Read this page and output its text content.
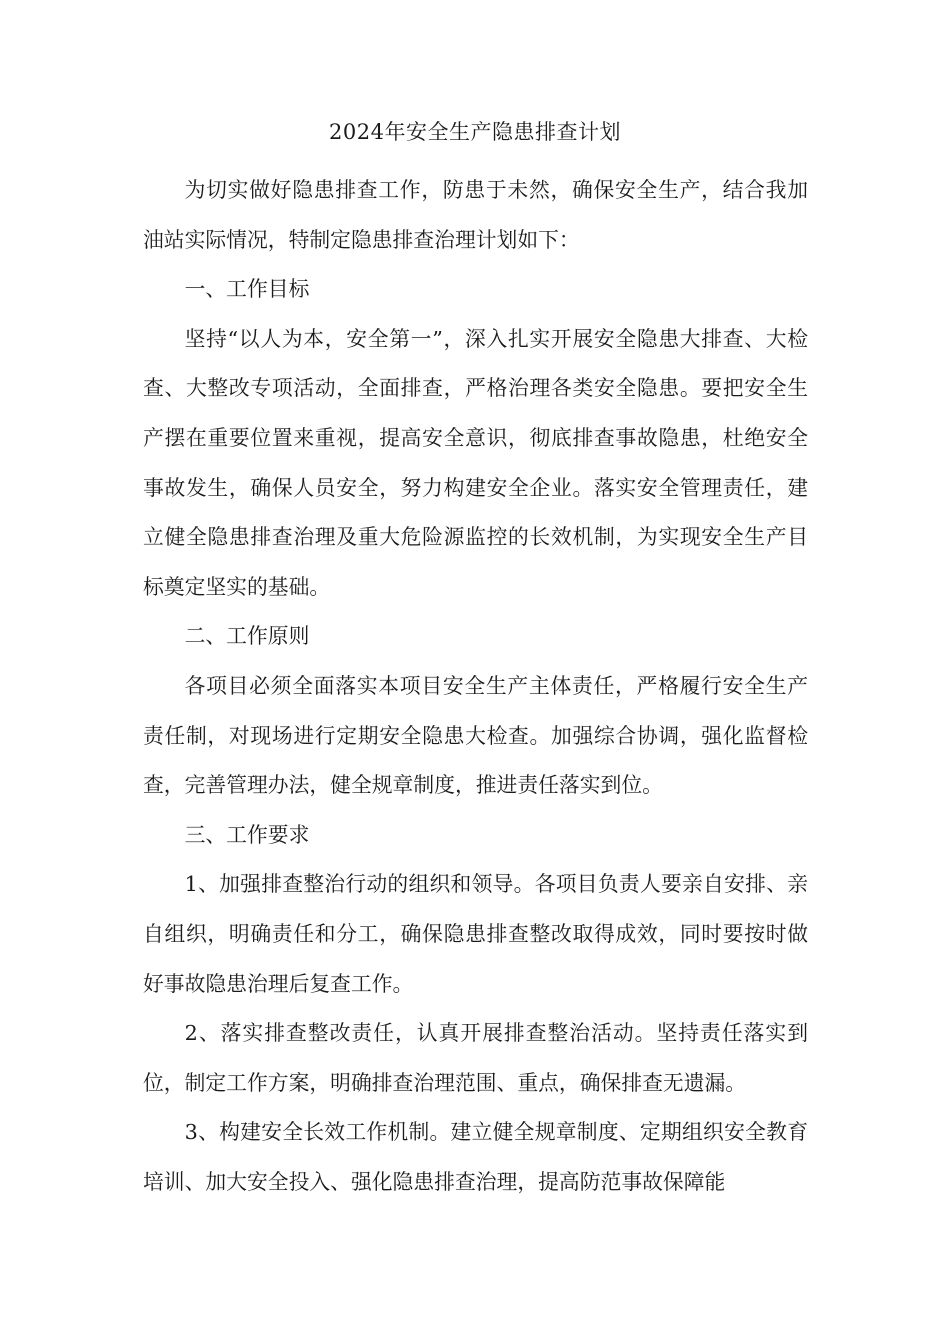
2024年安全生产隐患排查计划

为切实做好隐患排查工作，防患于未然，确保安全生产，结合我加油站实际情况，特制定隐患排查治理计划如下：

一、工作目标

坚持“以人为本，安全第一”，深入扎实开展安全隐患大排查、大检查、大整改专项活动，全面排查，严格治理各类安全隐患。要把安全生产摆在重要位置来重视，提高安全意识，彻底排查事故隐患，杜绝安全事故发生，确保人员安全，努力构建安全企业。落实安全管理责任，建立健全隐患排查治理及重大危险源监控的长效机制，为实现安全生产目标奠定坚实的基础。

二、工作原则

各项目必须全面落实本项目安全生产主体责任，严格履行安全生产责任制，对现场进行定期安全隐患大检查。加强综合协调，强化监督检查，完善管理办法，健全规章制度，推进责任落实到位。

三、工作要求

1、加强排查整治行动的组织和领导。各项目负责人要亲自安排、亲自组织，明确责任和分工，确保隐患排查整改取得成效，同时要按时做好事故隐患治理后复查工作。

2、落实排查整改责任，认真开展排查整治活动。坚持责任落实到位，制定工作方案，明确排查治理范围、重点，确保排查无遗漏。

3、构建安全长效工作机制。建立健全规章制度、定期组织安全教育培训、加大安全投入、强化隐患排查治理，提高防范事故保障能
